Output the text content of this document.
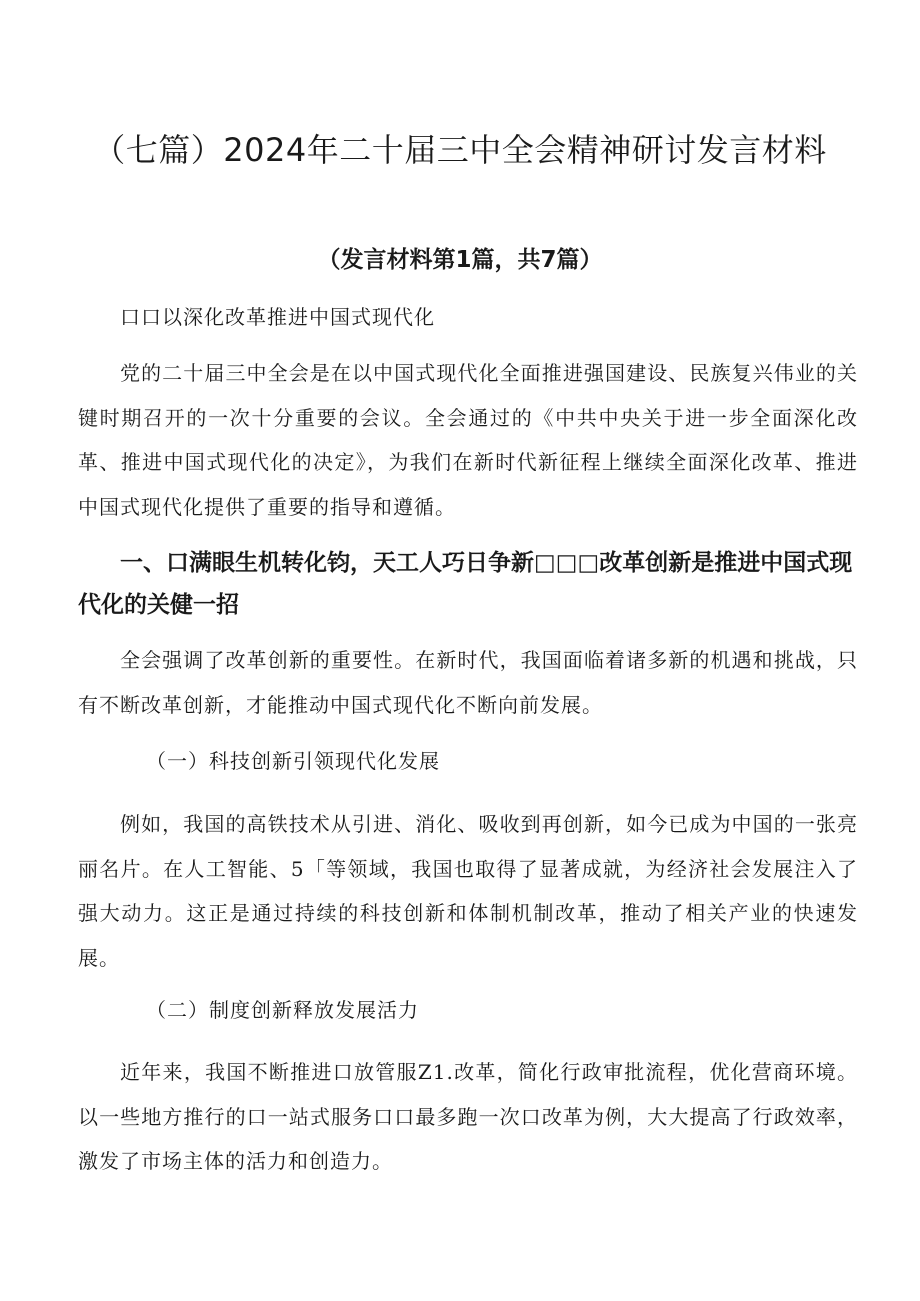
（七篇）2024年二十届三中全会精神研讨发言材料
（发言材料第1篇，共7篇）

口口以深化改革推进中国式现代化

党的二十届三中全会是在以中国式现代化全面推进强国建设、民族复兴伟业的关键时期召开的一次十分重要的会议。全会通过的《中共中央关于进一步全面深化改革、推进中国式现代化的决定》，为我们在新时代新征程上继续全面深化改革、推进中国式现代化提供了重要的指导和遵循。

一、口满眼生机转化钧，天工人巧日争新□□□改革创新是推进中国式现代化的关健一招

全会强调了改革创新的重要性。在新时代，我国面临着诸多新的机遇和挑战，只有不断改革创新，才能推动中国式现代化不断向前发展。

（一）科技创新引领现代化发展

例如，我国的高铁技术从引进、消化、吸收到再创新，如今已成为中国的一张亮丽名片。在人工智能、5「等领域，我国也取得了显著成就，为经济社会发展注入了强大动力。这正是通过持续的科技创新和体制机制改革，推动了相关产业的快速发展。

（二）制度创新释放发展活力

近年来，我国不断推进口放管服Z1.改革，简化行政审批流程，优化营商环境。以一些地方推行的口一站式服务口口最多跑一次口改革为例，大大提高了行政效率，激发了市场主体的活力和创造力。
